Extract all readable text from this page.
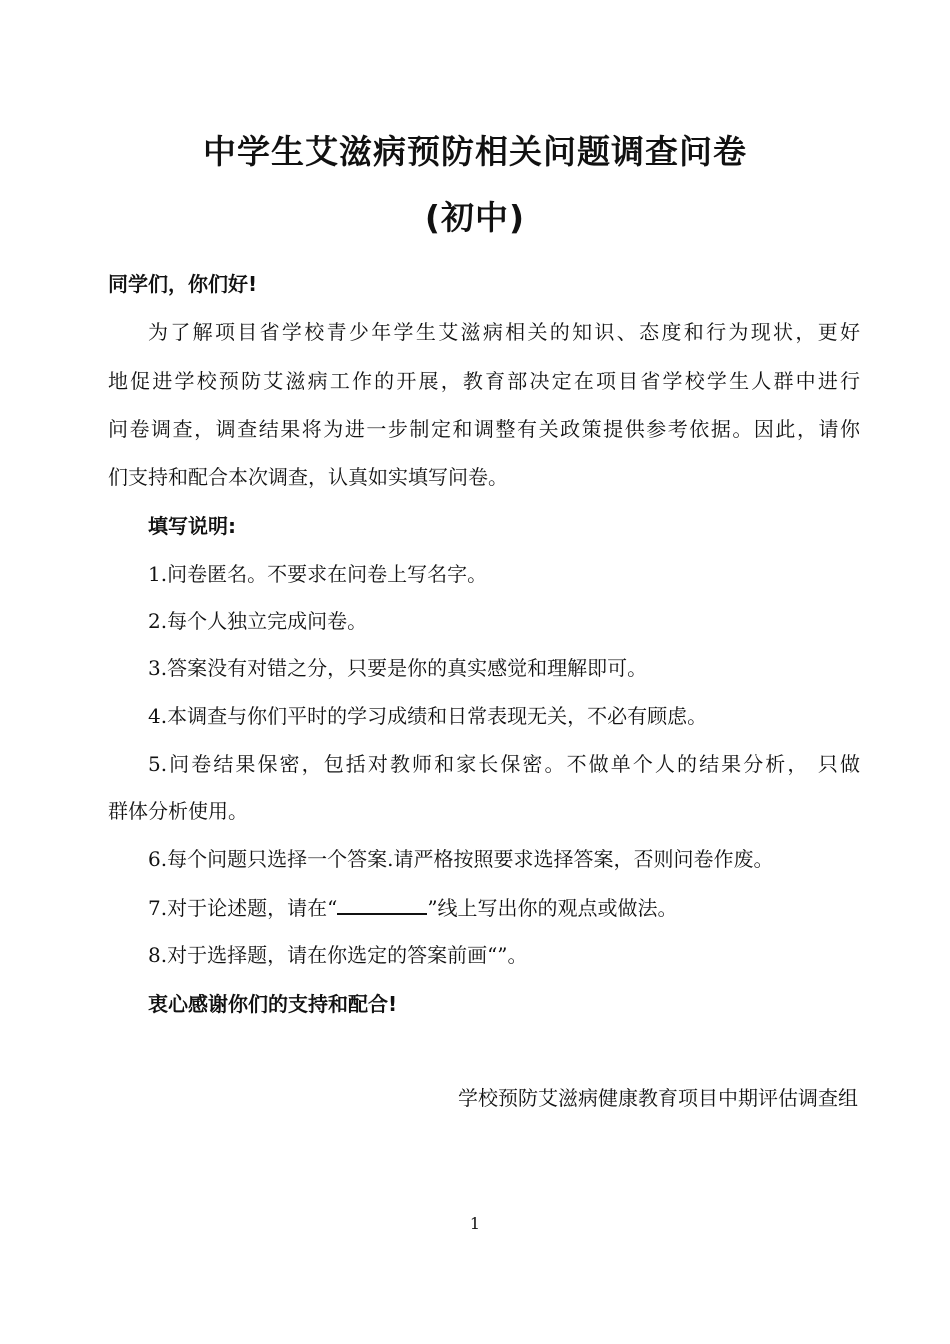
中学生艾滋病预防相关问题调查问卷
(初中)

同学们，你们好!

为了解项目省学校青少年学生艾滋病相关的知识、态度和行为现状，更好

地促进学校预防艾滋病工作的开展，教育部决定在项目省学校学生人群中进行

问卷调查，调查结果将为进一步制定和调整有关政策提供参考依据。因此，请你

们支持和配合本次调查，认真如实填写问卷。

填写说明:

1.问卷匿名。不要求在问卷上写名字。

2.每个人独立完成问卷。

3.答案没有对错之分，只要是你的真实感觉和理解即可。

4.本调查与你们平时的学习成绩和日常表现无关，不必有顾虑。

5.问卷结果保密，包括对教师和家长保密。不做单个人的结果分析， 只做

群体分析使用。

6.每个问题只选择一个答案.请严格按照要求选择答案，否则问卷作废。

7.对于论述题，请在“	”线上写出你的观点或做法。

8.对于选择题，请在你选定的答案前画“”。

衷心感谢你们的支持和配合!

学校预防艾滋病健康教育项目中期评估调查组
1
